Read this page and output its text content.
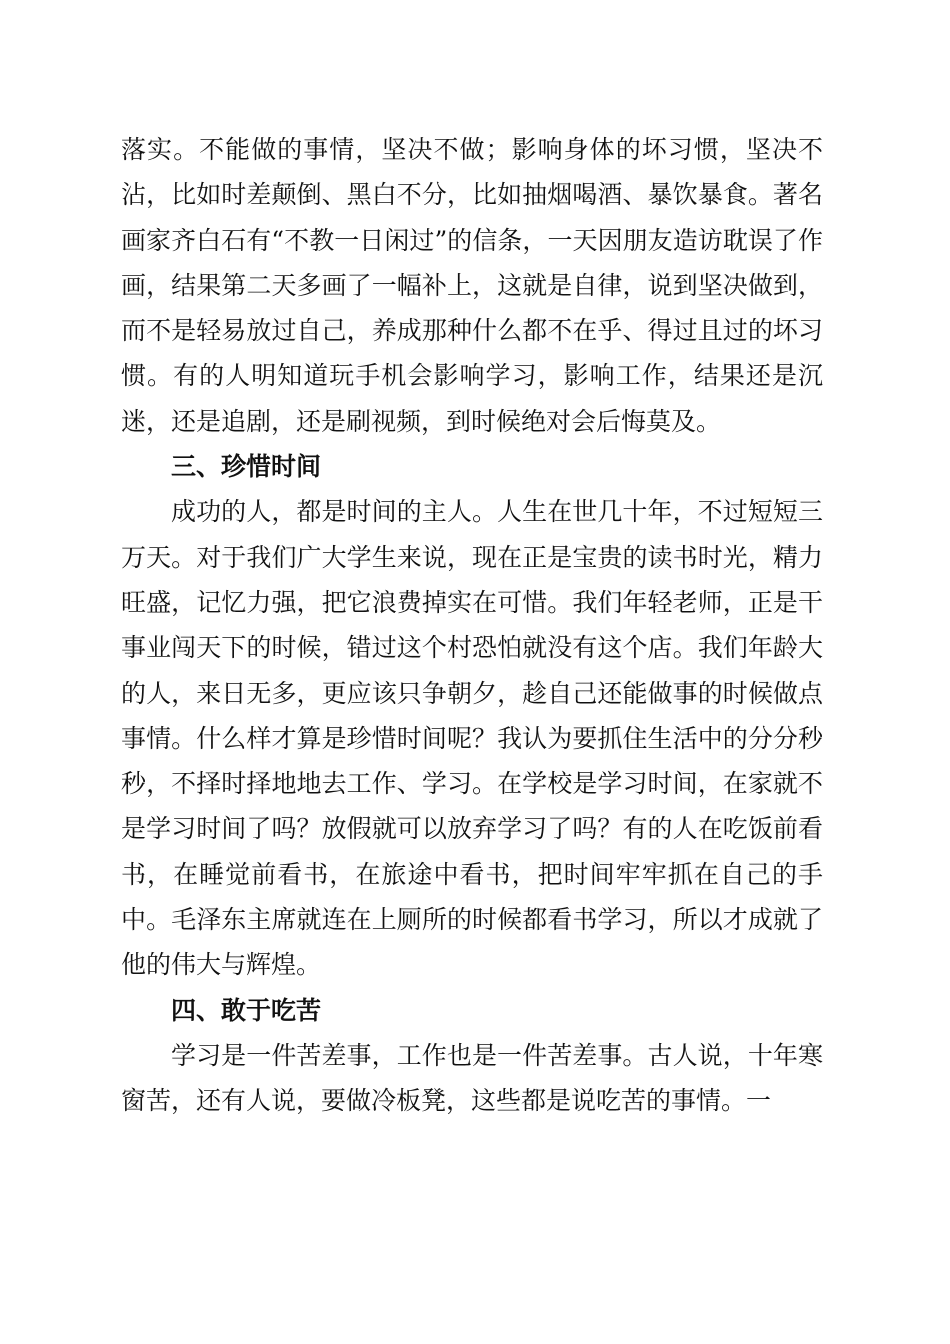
落实。不能做的事情，坚决不做；影响身体的坏习惯，坚决不沾，比如时差颠倒、黑白不分，比如抽烟喝酒、暴饮暴食。著名画家齐白石有“不教一日闲过”的信条，一天因朋友造访耽误了作画，结果第二天多画了一幅补上，这就是自律，说到坚决做到，而不是轻易放过自己，养成那种什么都不在乎、得过且过的坏习惯。有的人明知道玩手机会影响学习，影响工作，结果还是沉迷，还是追剧，还是刷视频，到时候绝对会后悔莫及。

三、珍惜时间

成功的人，都是时间的主人。人生在世几十年，不过短短三万天。对于我们广大学生来说，现在正是宝贵的读书时光，精力旺盛，记忆力强，把它浪费掉实在可惜。我们年轻老师，正是干事业闯天下的时候，错过这个村恐怕就没有这个店。我们年龄大的人，来日无多，更应该只争朝夕，趁自己还能做事的时候做点事情。什么样才算是珍惜时间呢？我认为要抓住生活中的分分秒秒，不择时择地地去工作、学习。在学校是学习时间，在家就不是学习时间了吗？放假就可以放弃学习了吗？有的人在吃饭前看书，在睡觉前看书，在旅途中看书，把时间牢牢抓在自己的手中。毛泽东主席就连在上厕所的时候都看书学习，所以才成就了他的伟大与辉煌。

四、敢于吃苦

学习是一件苦差事，工作也是一件苦差事。古人说，十年寒窗苦，还有人说，要做冷板凳，这些都是说吃苦的事情。一
